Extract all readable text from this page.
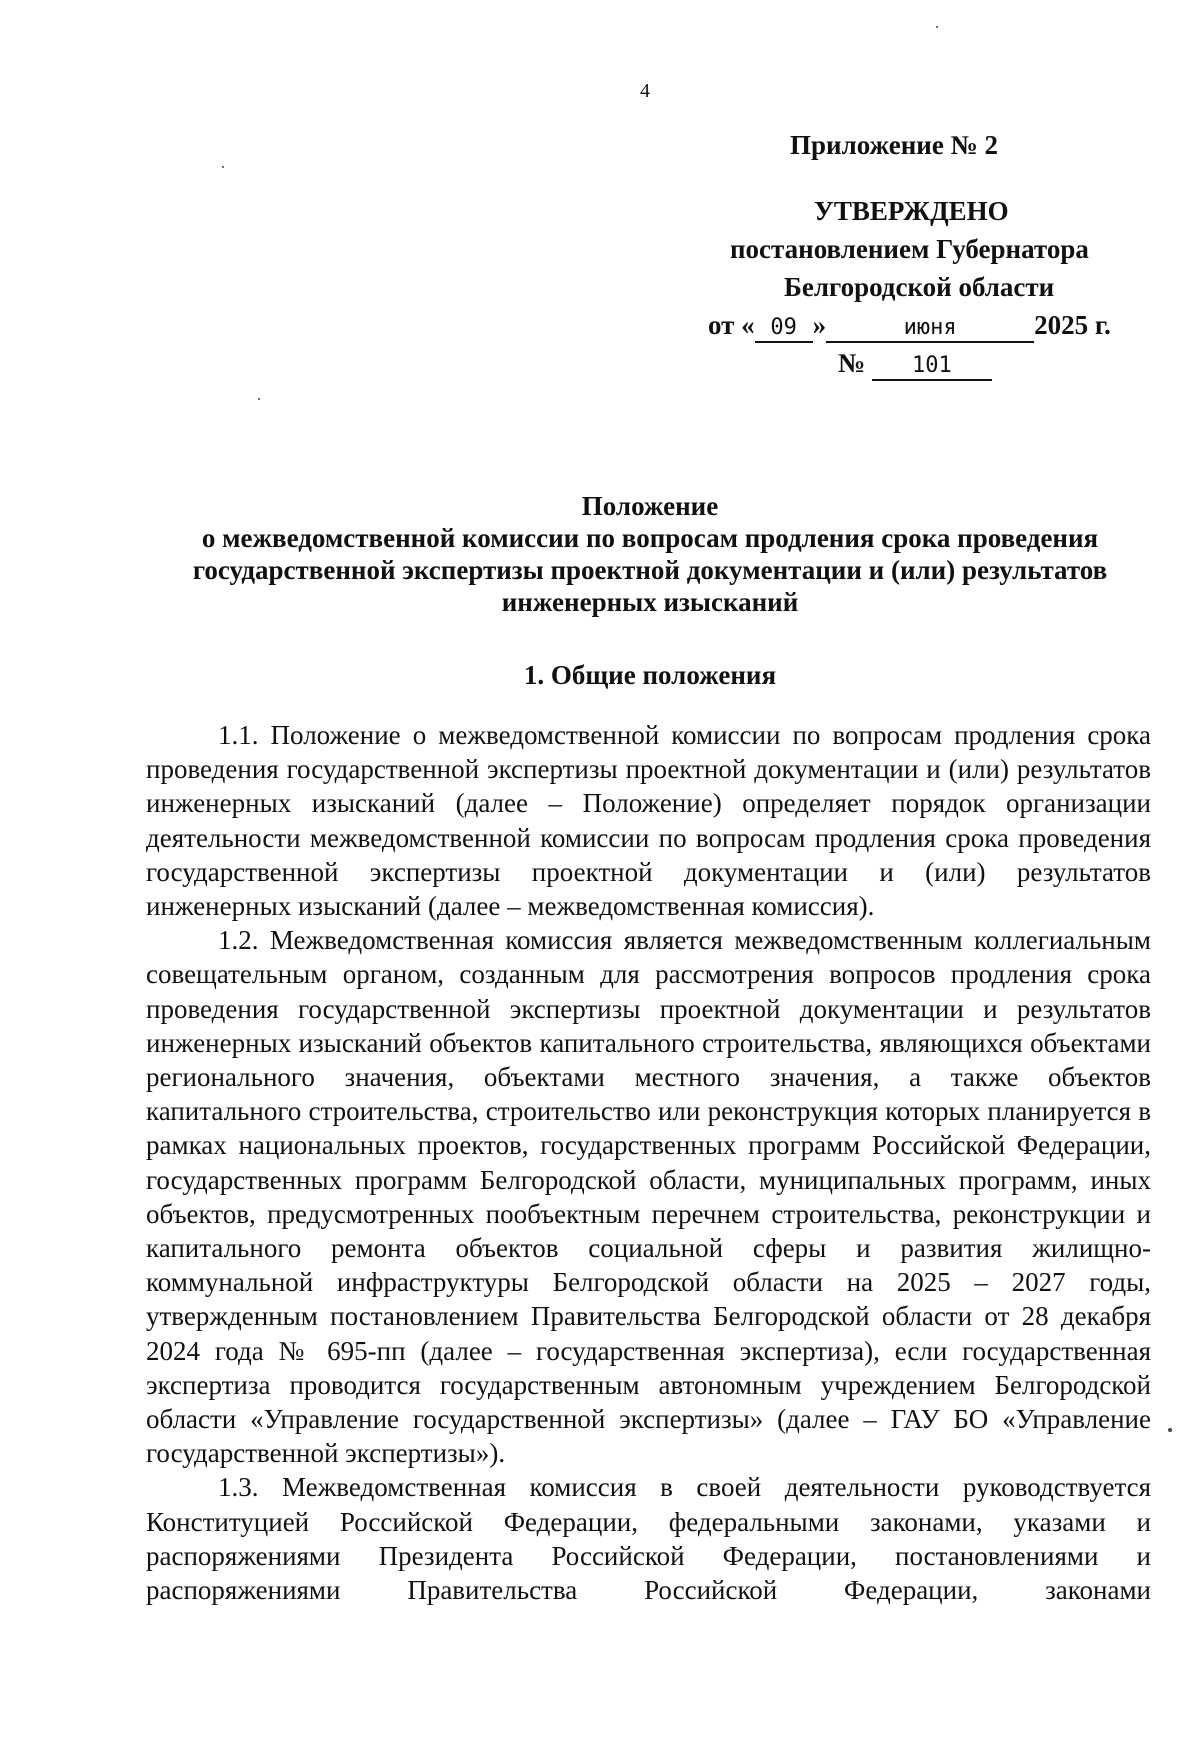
4
Приложение № 2
УТВЕРЖДЕНО
постановлением Губернатора
Белгородской области
от « 09 »	июня	2025 г.
№ 101
Положение
о межведомственной комиссии по вопросам продления срока проведения
государственной экспертизы проектной документации и (или) результатов
инженерных изысканий
1. Общие положения

1.1. Положение о межведомственной комиссии по вопросам продления срока проведения государственной экспертизы проектной документации и (или) результатов инженерных изысканий (далее – Положение) определяет порядок организации деятельности межведомственной комиссии по вопросам продления срока проведения государственной экспертизы проектной документации и (или) результатов инженерных изысканий (далее – межведомственная комиссия).

1.2. Межведомственная комиссия является межведомственным коллегиальным совещательным органом, созданным для рассмотрения вопросов продления срока проведения государственной экспертизы проектной документации и результатов инженерных изысканий объектов капитального строительства, являющихся объектами регионального значения, объектами местного значения, а также объектов капитального строительства, строительство или реконструкция которых планируется в рамках национальных проектов, государственных программ Российской Федерации, государственных программ Белгородской области, муниципальных программ, иных объектов, предусмотренных пообъектным перечнем строительства, реконструкции и капитального ремонта объектов социальной сферы и развития жилищно-коммунальной инфраструктуры Белгородской области на 2025 – 2027 годы, утвержденным постановлением Правительства Белгородской области от 28 декабря 2024 года № 695-пп (далее – государственная экспертиза), если государственная экспертиза проводится государственным автономным учреждением Белгородской области «Управление государственной экспертизы» (далее – ГАУ БО «Управление государственной экспертизы»).

1.3. Межведомственная комиссия в своей деятельности руководствуется Конституцией Российской Федерации, федеральными законами, указами и распоряжениями Президента Российской Федерации, постановлениями и распоряжениями Правительства Российской Федерации, законами
